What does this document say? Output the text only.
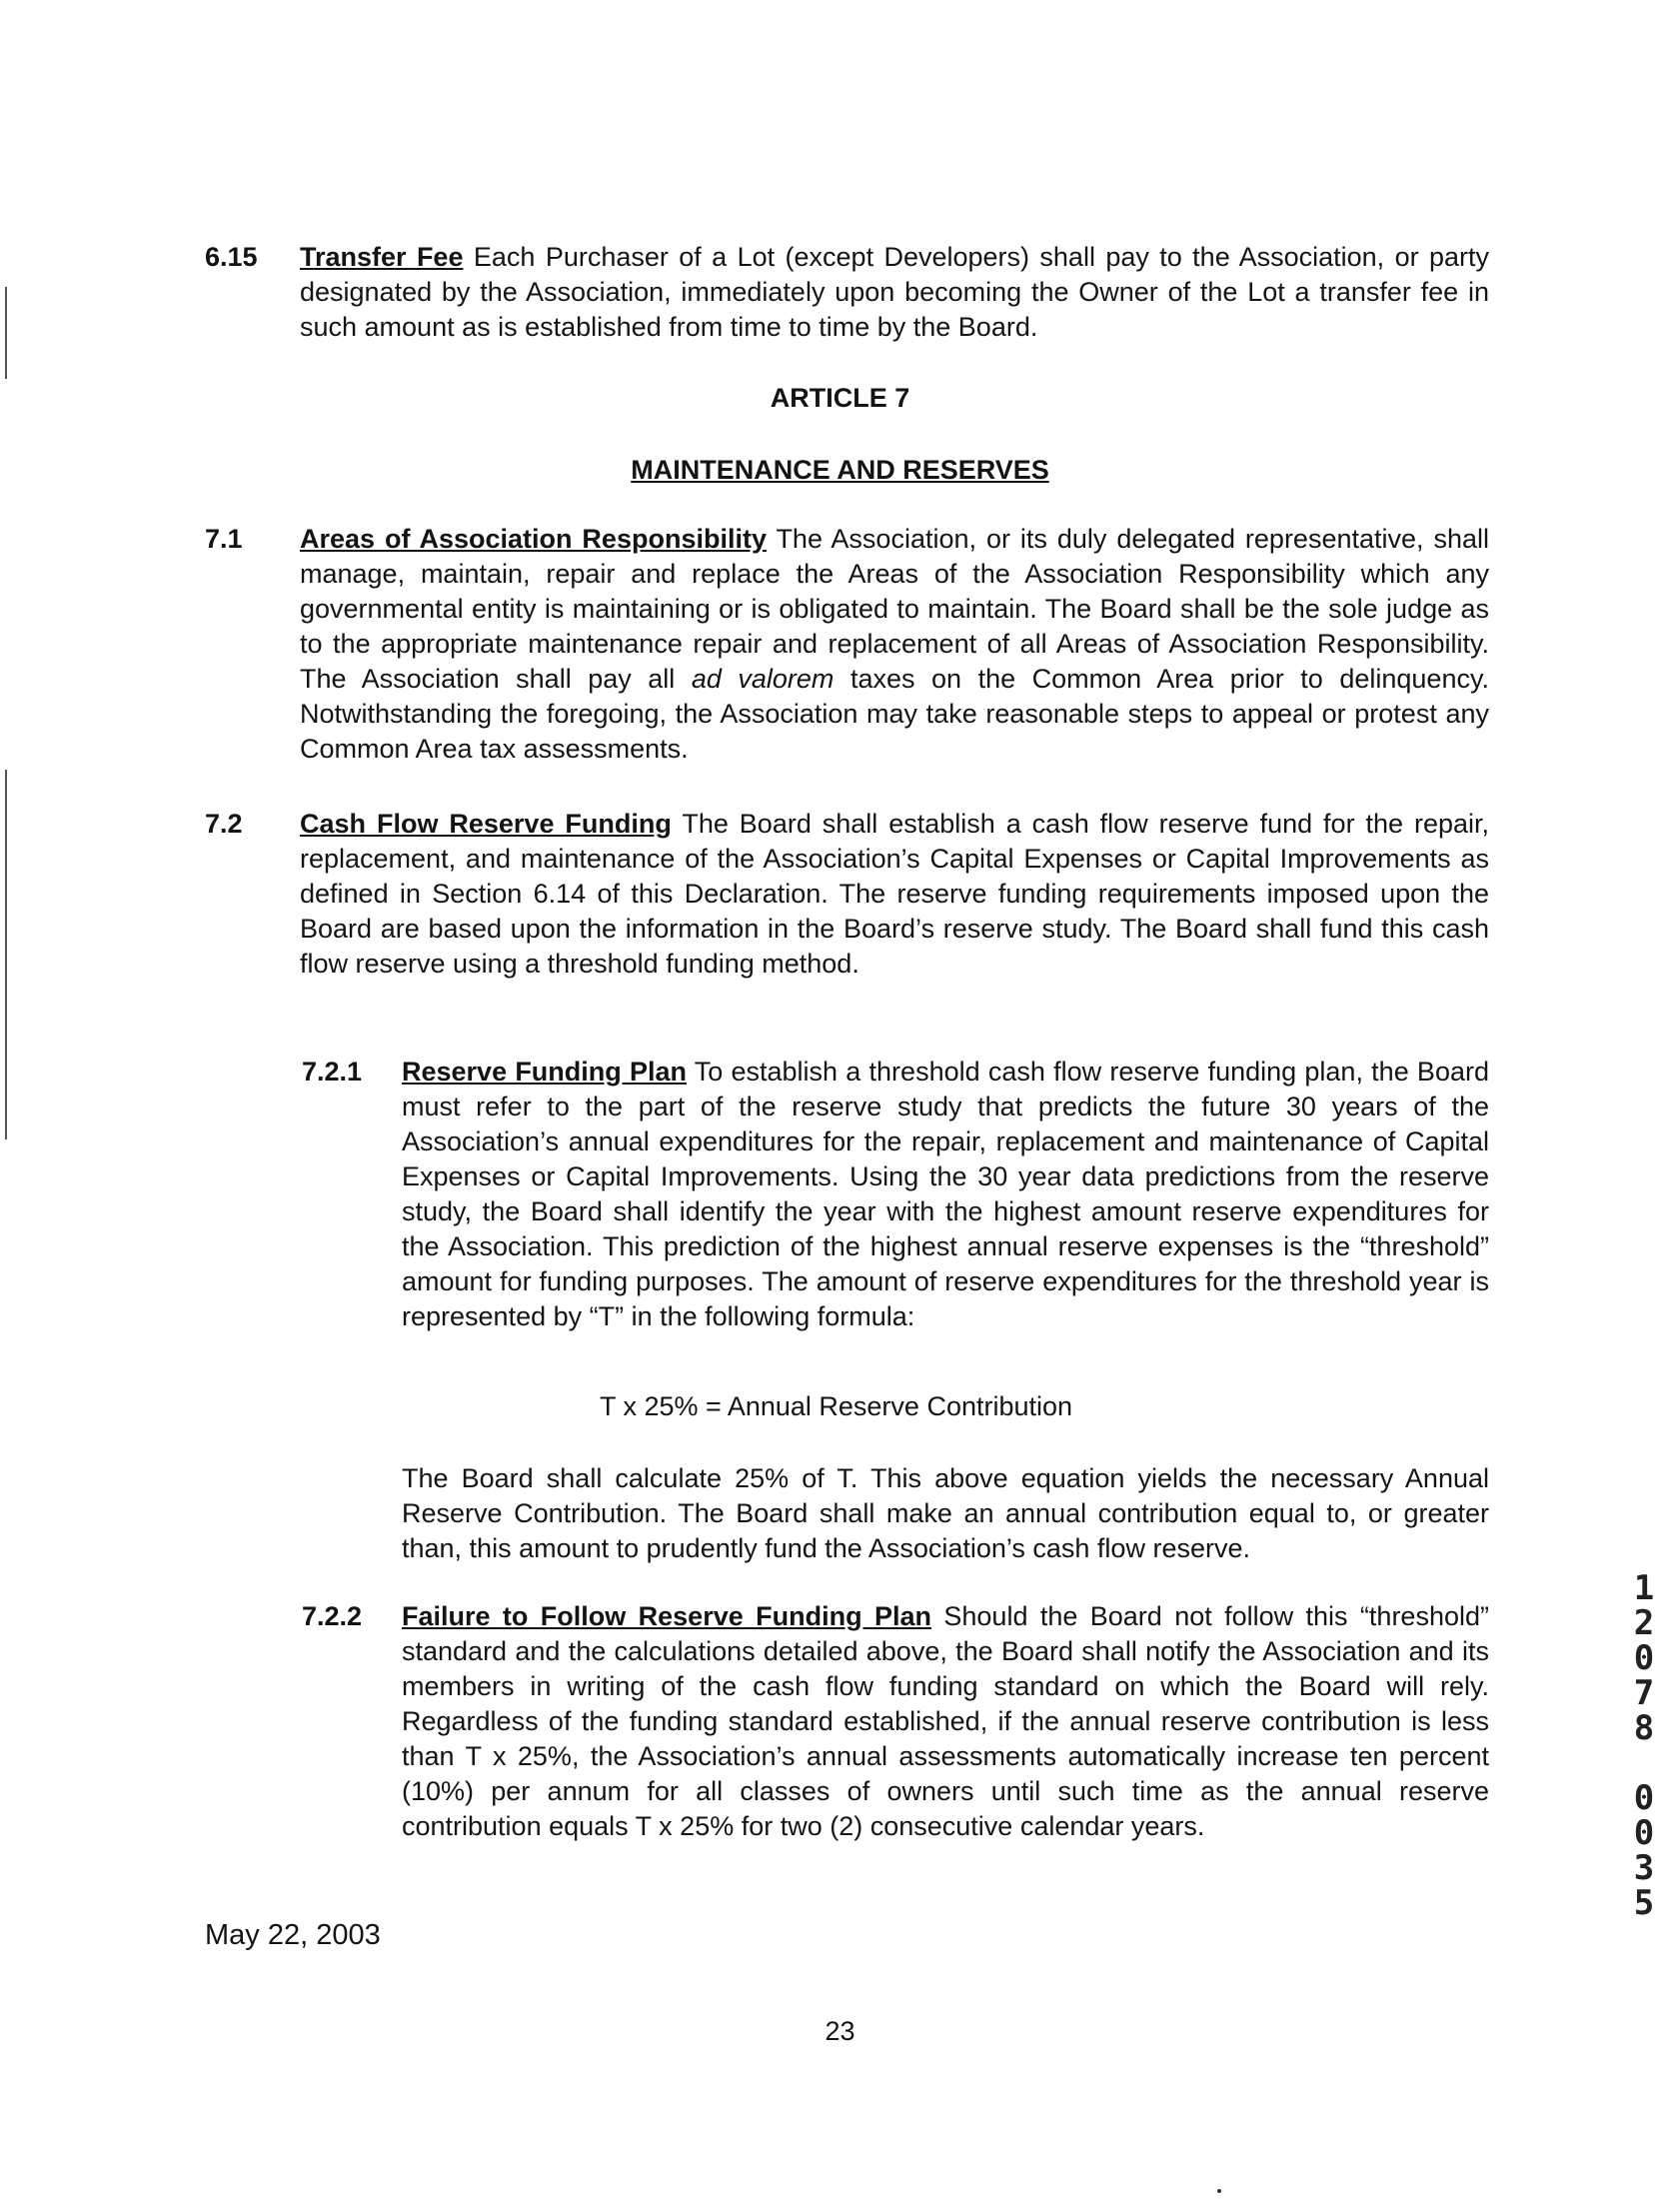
6.15 Transfer Fee Each Purchaser of a Lot (except Developers) shall pay to the Association, or party designated by the Association, immediately upon becoming the Owner of the Lot a transfer fee in such amount as is established from time to time by the Board.
ARTICLE 7
MAINTENANCE AND RESERVES
7.1 Areas of Association Responsibility The Association, or its duly delegated representative, shall manage, maintain, repair and replace the Areas of the Association Responsibility which any governmental entity is maintaining or is obligated to maintain. The Board shall be the sole judge as to the appropriate maintenance repair and replacement of all Areas of Association Responsibility. The Association shall pay all ad valorem taxes on the Common Area prior to delinquency. Notwithstanding the foregoing, the Association may take reasonable steps to appeal or protest any Common Area tax assessments.
7.2 Cash Flow Reserve Funding The Board shall establish a cash flow reserve fund for the repair, replacement, and maintenance of the Association’s Capital Expenses or Capital Improvements as defined in Section 6.14 of this Declaration. The reserve funding requirements imposed upon the Board are based upon the information in the Board’s reserve study. The Board shall fund this cash flow reserve using a threshold funding method.
7.2.1 Reserve Funding Plan To establish a threshold cash flow reserve funding plan, the Board must refer to the part of the reserve study that predicts the future 30 years of the Association’s annual expenditures for the repair, replacement and maintenance of Capital Expenses or Capital Improvements. Using the 30 year data predictions from the reserve study, the Board shall identify the year with the highest amount reserve expenditures for the Association. This prediction of the highest annual reserve expenses is the “threshold” amount for funding purposes. The amount of reserve expenditures for the threshold year is represented by “T” in the following formula:
T x 25% = Annual Reserve Contribution
The Board shall calculate 25% of T. This above equation yields the necessary Annual Reserve Contribution. The Board shall make an annual contribution equal to, or greater than, this amount to prudently fund the Association’s cash flow reserve.
7.2.2 Failure to Follow Reserve Funding Plan Should the Board not follow this “threshold” standard and the calculations detailed above, the Board shall notify the Association and its members in writing of the cash flow funding standard on which the Board will rely. Regardless of the funding standard established, if the annual reserve contribution is less than T x 25%, the Association’s annual assessments automatically increase ten percent (10%) per annum for all classes of owners until such time as the annual reserve contribution equals T x 25% for two (2) consecutive calendar years.
May 22, 2003
23
1
2
0
7
8
0
0
3
5
